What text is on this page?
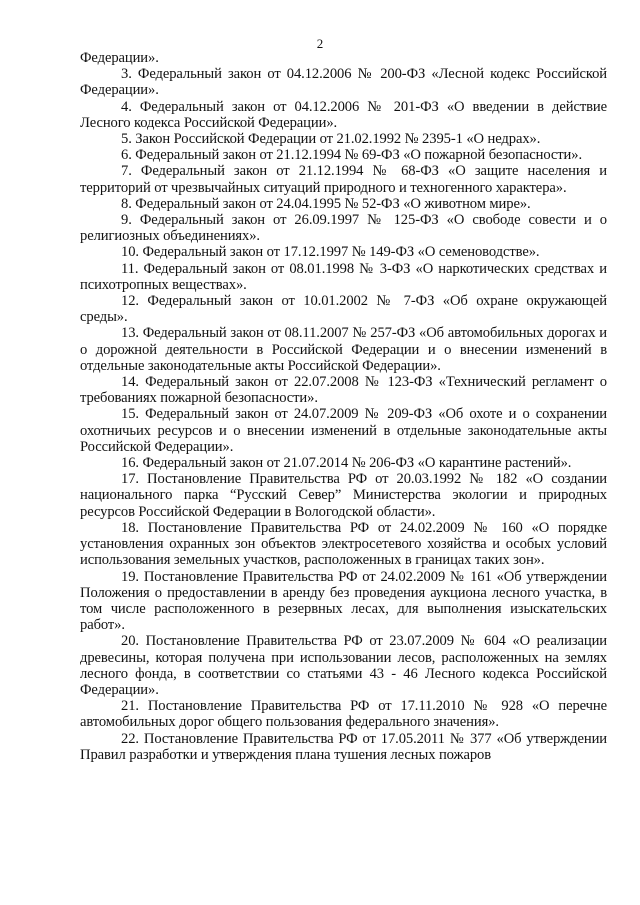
2

Федерации».

3. Федеральный закон от 04.12.2006 № 200-ФЗ «Лесной кодекс Российской Федерации».

4. Федеральный закон от 04.12.2006 № 201-ФЗ «О введении в действие Лесного кодекса Российской Федерации».

5. Закон Российской Федерации от 21.02.1992 № 2395-1 «О недрах».

6. Федеральный закон от 21.12.1994 № 69-ФЗ «О пожарной безопасности».

7. Федеральный закон от 21.12.1994 № 68-ФЗ «О защите населения и территорий от чрезвычайных ситуаций природного и техногенного характера».

8. Федеральный закон от 24.04.1995 № 52-ФЗ «О животном мире».

9. Федеральный закон от 26.09.1997 № 125-ФЗ «О свободе совести и о религиозных объединениях».

10. Федеральный закон от 17.12.1997 № 149-ФЗ «О семеноводстве».

11. Федеральный закон от 08.01.1998 № 3-ФЗ «О наркотических средствах и психотропных веществах».

12. Федеральный закон от 10.01.2002 № 7-ФЗ «Об охране окружающей среды».

13. Федеральный закон от 08.11.2007 № 257-ФЗ «Об автомобильных дорогах и о дорожной деятельности в Российской Федерации и о внесении изменений в отдельные законодательные акты Российской Федерации».

14. Федеральный закон от 22.07.2008 № 123-ФЗ «Технический регламент о требованиях пожарной безопасности».

15. Федеральный закон от 24.07.2009 № 209-ФЗ «Об охоте и о сохранении охотничьих ресурсов и о внесении изменений в отдельные законодательные акты Российской Федерации».

16. Федеральный закон от 21.07.2014 № 206-ФЗ «О карантине растений».

17. Постановление Правительства РФ от 20.03.1992 № 182 «О создании национального парка “Русский Север” Министерства экологии и природных ресурсов Российской Федерации в Вологодской области».

18. Постановление Правительства РФ от 24.02.2009 № 160 «О порядке установления охранных зон объектов электросетевого хозяйства и особых условий использования земельных участков, расположенных в границах таких зон».

19. Постановление Правительства РФ от 24.02.2009 № 161 «Об утверждении Положения о предоставлении в аренду без проведения аукциона лесного участка, в том числе расположенного в резервных лесах, для выполнения изыскательских работ».

20. Постановление Правительства РФ от 23.07.2009 № 604 «О реализации древесины, которая получена при использовании лесов, расположенных на землях лесного фонда, в соответствии со статьями 43 - 46 Лесного кодекса Российской Федерации».

21. Постановление Правительства РФ от 17.11.2010 № 928 «О перечне автомобильных дорог общего пользования федерального значения».

22. Постановление Правительства РФ от 17.05.2011 № 377 «Об утверждении Правил разработки и утверждения плана тушения лесных пожаров
